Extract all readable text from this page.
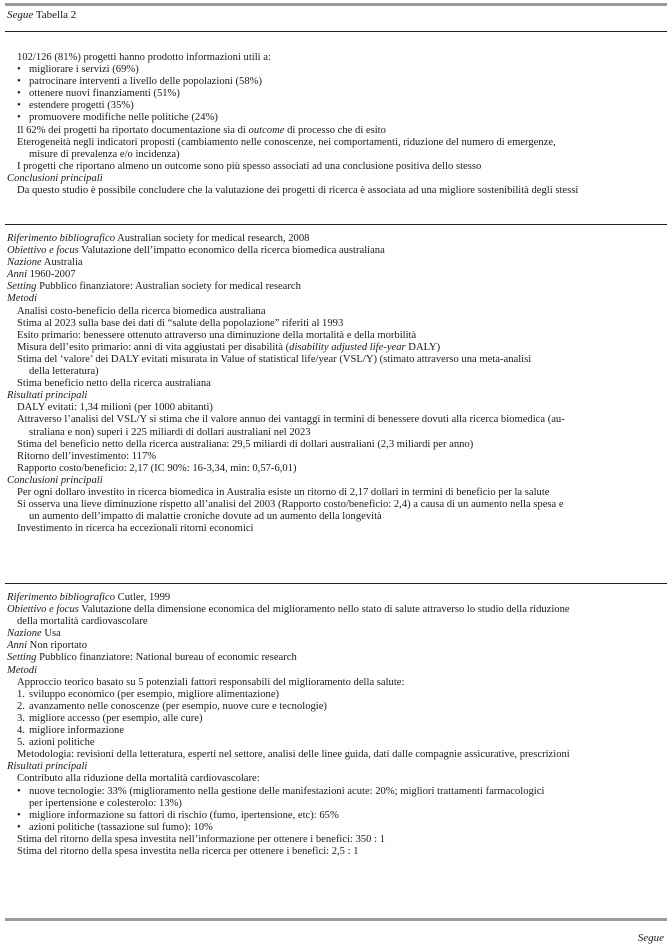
Segue Tabella 2
102/126 (81%) progetti hanno prodotto informazioni utili a:
• migliorare i servizi (69%)
• patrocinare interventi a livello delle popolazioni (58%)
• ottenere nuovi finanziamenti (51%)
• estendere progetti (35%)
• promuovere modifiche nelle politiche (24%)
Il 62% dei progetti ha riportato documentazione sia di outcome di processo che di esito
Eterogeneità negli indicatori proposti (cambiamento nelle conoscenze, nei comportamenti, riduzione del numero di emergenze,
misure di prevalenza e/o incidenza)
I progetti che riportano almeno un outcome sono più spesso associati ad una conclusione positiva dello stesso
Conclusioni principali
Da questo studio è possibile concludere che la valutazione dei progetti di ricerca è associata ad una migliore sostenibilità degli stessi
Riferimento bibliografico Australian society for medical research, 2008
Obiettivo e focus Valutazione dell’impatto economico della ricerca biomedica australiana
Nazione Australia
Anni 1960-2007
Setting Pubblico finanziatore: Australian society for medical research
Metodi
Analisi costo-beneficio della ricerca biomedica australiana
Stima al 2023 sulla base dei dati di “salute della popolazione” riferiti al 1993
Esito primario: benessere ottenuto attraverso una diminuzione della mortalità e della morbilità
Misura dell’esito primario: anni di vita aggiustati per disabilità (disability adjusted life-year DALY)
Stima del ‘valore’ dei DALY evitati misurata in Value of statistical life/year (VSL/Y) (stimato attraverso una meta-analisi
della letteratura)
Stima beneficio netto della ricerca australiana
Risultati principali
DALY evitati: 1,34 milioni (per 1000 abitanti)
Attraverso l’analisi del VSL/Y si stima che il valore annuo dei vantaggi in termini di benessere dovuti alla ricerca biomedica (au-
straliana e non) superi i 225 miliardi di dollari australiani nel 2023
Stima del beneficio netto della ricerca australiana: 29,5 miliardi di dollari australiani (2,3 miliardi per anno)
Ritorno dell’investimento: 117%
Rapporto costo/beneficio: 2,17 (IC 90%: 16-3,34, min: 0,57-6,01)
Conclusioni principali
Per ogni dollaro investito in ricerca biomedica in Australia esiste un ritorno di 2,17 dollari in termini di beneficio per la salute
Si osserva una lieve diminuzione rispetto all’analisi del 2003 (Rapporto costo/beneficio: 2,4) a causa di un aumento nella spesa e
un aumento dell’impatto di malattie croniche dovute ad un aumento della longevità
Investimento in ricerca ha eccezionali ritorni economici
Riferimento bibliografico Cutler, 1999
Obiettivo e focus Valutazione della dimensione economica del miglioramento nello stato di salute attraverso lo studio della riduzione
della mortalità cardiovascolare
Nazione Usa
Anni Non riportato
Setting Pubblico finanziatore: National bureau of economic research
Metodi
Approccio teorico basato su 5 potenziali fattori responsabili del miglioramento della salute:
1. sviluppo economico (per esempio, migliore alimentazione)
2. avanzamento nelle conoscenze (per esempio, nuove cure e tecnologie)
3. migliore accesso (per esempio, alle cure)
4. migliore informazione
5. azioni politiche
Metodologia: revisioni della letteratura, esperti nel settore, analisi delle linee guida, dati dalle compagnie assicurative, prescrizioni
Risultati principali
Contributo alla riduzione della mortalità cardiovascolare:
• nuove tecnologie: 33% (miglioramento nella gestione delle manifestazioni acute: 20%; migliori trattamenti farmacologici
per ipertensione e colesterolo: 13%)
• migliore informazione su fattori di rischio (fumo, ipertensione, etc): 65%
• azioni politiche (tassazione sul fumo): 10%
Stima del ritorno della spesa investita nell’informazione per ottenere i benefici: 350 : 1
Stima del ritorno della spesa investita nella ricerca per ottenere i benefici: 2,5 : 1
Segue
